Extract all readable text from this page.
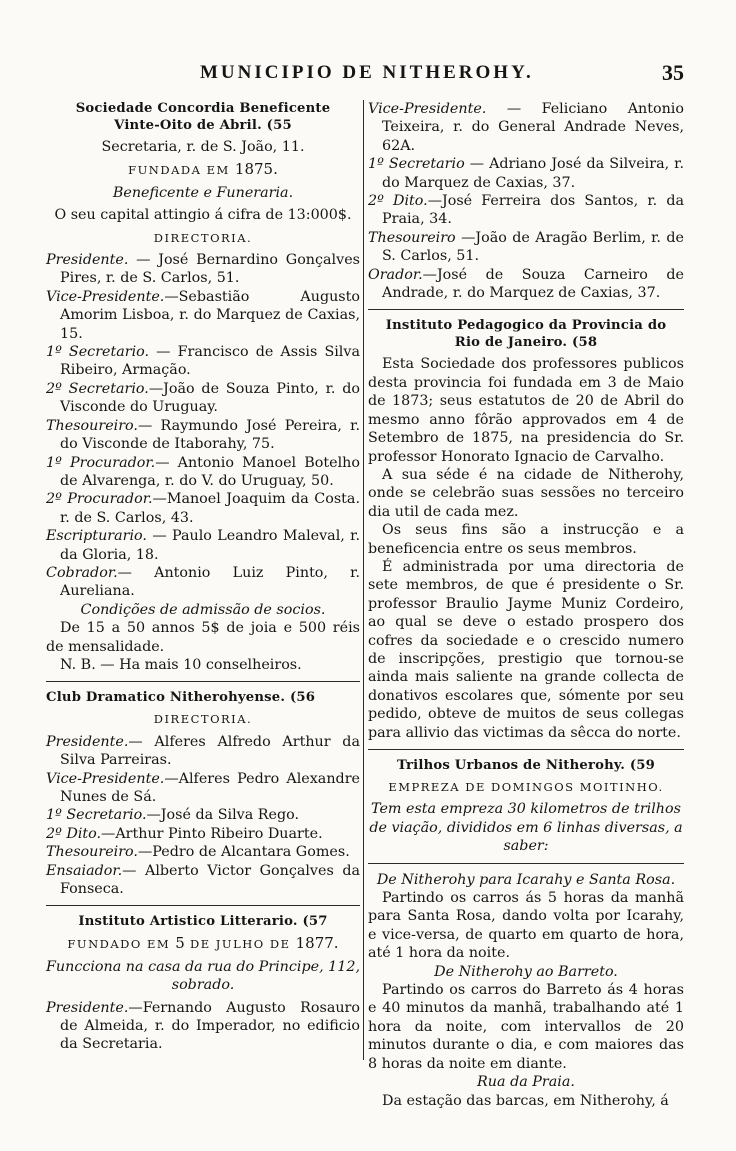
MUNICIPIO DE NITHEROHY.	35

Sociedade Concordia Beneficente

Vinte-Oito de Abril. (55

Secretaria, r. de S. João, 11.

FUNDADA EM 1875.

Beneficente e Funeraria.

O seu capital attingio á cifra de 13:000$.

DIRECTORIA.

Presidente. — José Bernardino Gonçalves Pires, r. de S. Carlos, 51.

Vice-Presidente.—Sebastião Augusto Amorim Lisboa, r. do Marquez de Caxias, 15.

1º Secretario. — Francisco de Assis Silva Ribeiro, Armação.

2º Secretario.—João de Souza Pinto, r. do Visconde do Uruguay.

Thesoureiro.— Raymundo José Pereira, r. do Visconde de Itaborahy, 75.

1º Procurador.— Antonio Manoel Botelho de Alvarenga, r. do V. do Uruguay, 50.

2º Procurador.—Manoel Joaquim da Costa. r. de S. Carlos, 43.

Escripturario. — Paulo Leandro Maleval, r. da Gloria, 18.

Cobrador.— Antonio Luiz Pinto, r. Aureliana.

Condições de admissão de socios.

De 15 a 50 annos 5$ de joia e 500 réis de mensalidade.

N. B. — Ha mais 10 conselheiros.

Club Dramatico Nitherohyense. (56

DIRECTORIA.

Presidente.— Alferes Alfredo Arthur da Silva Parreiras.

Vice-Presidente.—Alferes Pedro Alexandre Nunes de Sá.

1º Secretario.—José da Silva Rego.

2º Dito.—Arthur Pinto Ribeiro Duarte.

Thesoureiro.—Pedro de Alcantara Gomes.

Ensaiador.— Alberto Victor Gonçalves da Fonseca.

Instituto Artistico Litterario. (57

FUNDADO EM 5 DE JULHO DE 1877.

Funcciona na casa da rua do Principe, 112, sobrado.

Presidente.—Fernando Augusto Rosauro de Almeida, r. do Imperador, no edificio da Secretaria.

Vice-Presidente. — Feliciano Antonio Teixeira, r. do General Andrade Neves, 62A.

1º Secretario — Adriano José da Silveira, r. do Marquez de Caxias, 37.

2º Dito.—José Ferreira dos Santos, r. da Praia, 34.

Thesoureiro —João de Aragão Berlim, r. de S. Carlos, 51.

Orador.—José de Souza Carneiro de Andrade, r. do Marquez de Caxias, 37.

Instituto Pedagogico da Provincia do

Rio de Janeiro. (58

Esta Sociedade dos professores publicos desta provincia foi fundada em 3 de Maio de 1873; seus estatutos de 20 de Abril do mesmo anno fôrão approvados em 4 de Setembro de 1875, na presidencia do Sr. professor Honorato Ignacio de Carvalho.

A sua séde é na cidade de Nitherohy, onde se celebrão suas sessões no terceiro dia util de cada mez.

Os seus fins são a instrucção e a beneficencia entre os seus membros.

É administrada por uma directoria de sete membros, de que é presidente o Sr. professor Braulio Jayme Muniz Cordeiro, ao qual se deve o estado prospero dos cofres da sociedade e o crescido numero de inscripções, prestigio que tornou-se ainda mais saliente na grande collecta de donativos escolares que, sómente por seu pedido, obteve de muitos de seus collegas para allivio das victimas da sêcca do norte.

Trilhos Urbanos de Nitherohy. (59

EMPREZA DE DOMINGOS MOITINHO.

Tem esta empreza 30 kilometros de trilhos de viação, divididos em 6 linhas diversas, a saber:

De Nitherohy para Icarahy e Santa Rosa.

Partindo os carros ás 5 horas da manhã para Santa Rosa, dando volta por Icarahy, e vice-versa, de quarto em quarto de hora, até 1 hora da noite.

De Nitherohy ao Barreto.

Partindo os carros do Barreto ás 4 horas e 40 minutos da manhã, trabalhando até 1 hora da noite, com intervallos de 20 minutos durante o dia, e com maiores das 8 horas da noite em diante.

Rua da Praia.

Da estação das barcas, em Nitherohy, á
